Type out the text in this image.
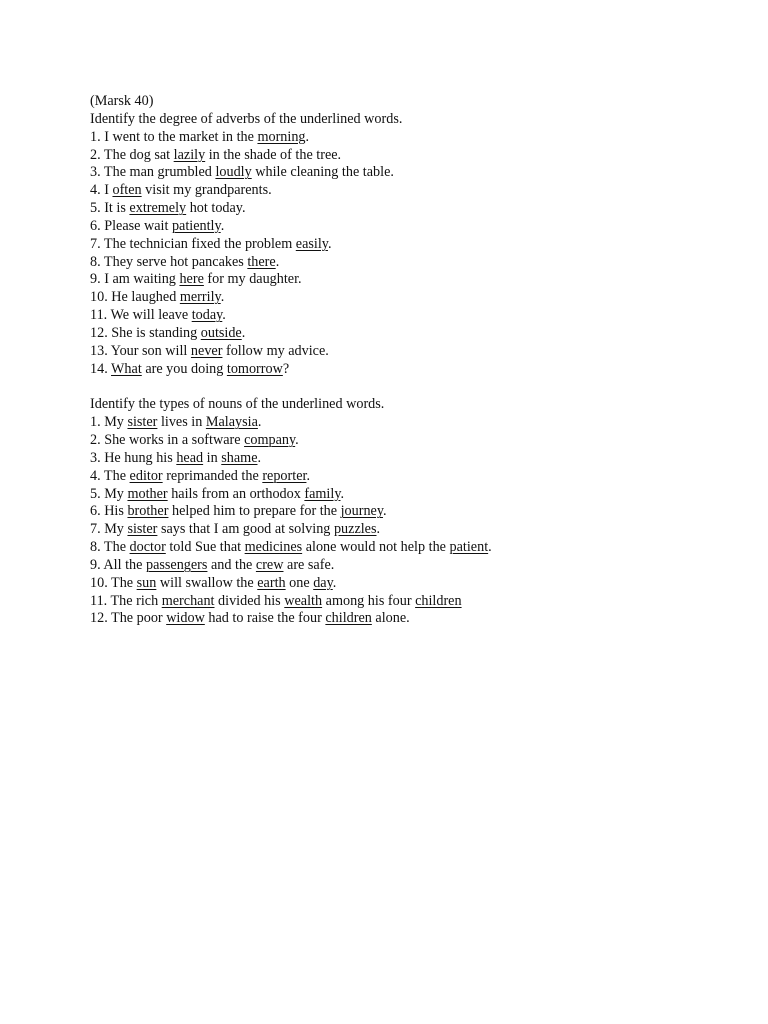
(Marsk 40)
Identify the degree of adverbs of the underlined words.
1. I went to the market in the morning.
2. The dog sat lazily in the shade of the tree.
3. The man grumbled loudly while cleaning the table.
4. I often visit my grandparents.
5. It is extremely hot today.
6. Please wait patiently.
7. The technician fixed the problem easily.
8. They serve hot pancakes there.
9. I am waiting here for my daughter.
10. He laughed merrily.
11. We will leave today.
12. She is standing outside.
13. Your son will never follow my advice.
14. What are you doing tomorrow?
Identify the types of nouns of the underlined words.
1. My sister lives in Malaysia.
2. She works in a software company.
3. He hung his head in shame.
4. The editor reprimanded the reporter.
5. My mother hails from an orthodox family.
6. His brother helped him to prepare for the journey.
7. My sister says that I am good at solving puzzles.
8. The doctor told Sue that medicines alone would not help the patient.
9. All the passengers and the crew are safe.
10. The sun will swallow the earth one day.
11. The rich merchant divided his wealth among his four children
12. The poor widow had to raise the four children alone.
